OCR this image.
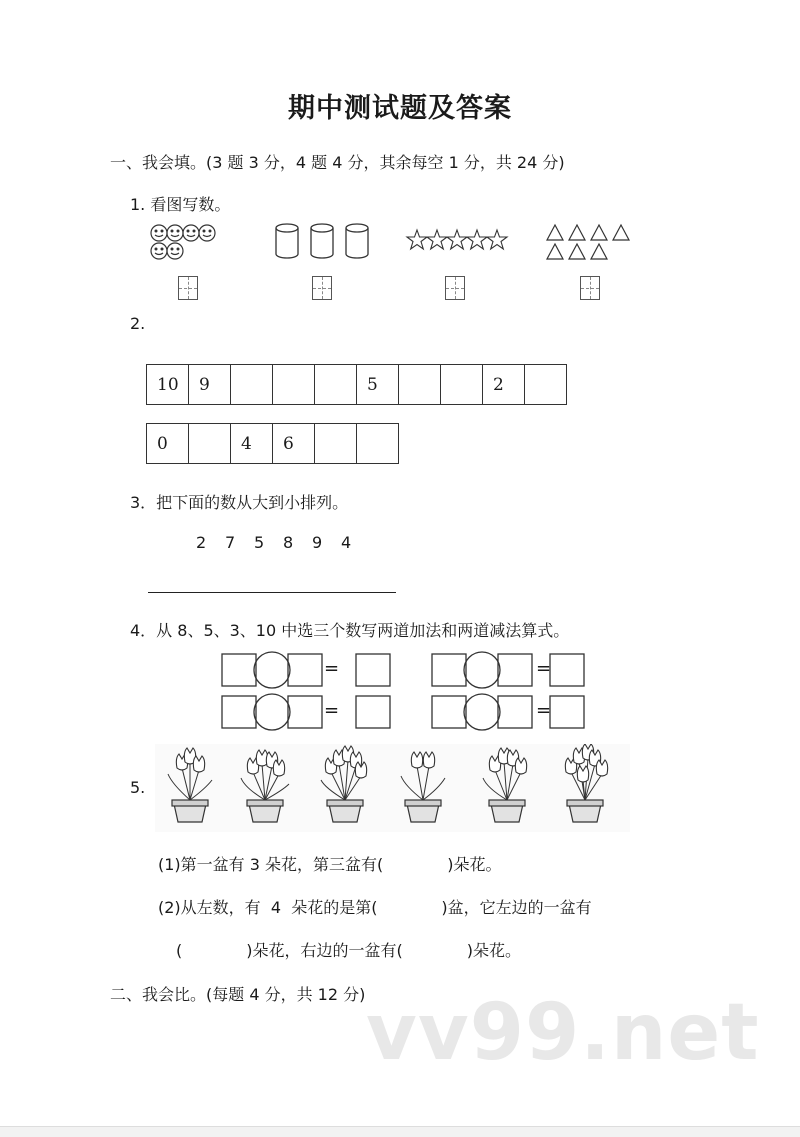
期中测试题及答案
一、我会填。(3 题 3 分，4 题 4 分，其余每空 1 分，共 24 分)
1. 看图写数。
2.
10	9				5			2	
0		4	6		
3．把下面的数从大到小排列。
2 7 5 8 9 4
4．从 8、5、3、10 中选三个数写两道加法和两道减法算式。
=
=
=
=
5.
(1)第一盆有 3 朵花，第三盆有(　　　　)朵花。
(2)从左数，有  4  朵花的是第(　　　　)盆，它左边的一盆有
(　　　　)朵花，右边的一盆有(　　　　)朵花。
二、我会比。(每题 4 分，共 12 分) vv99.net
